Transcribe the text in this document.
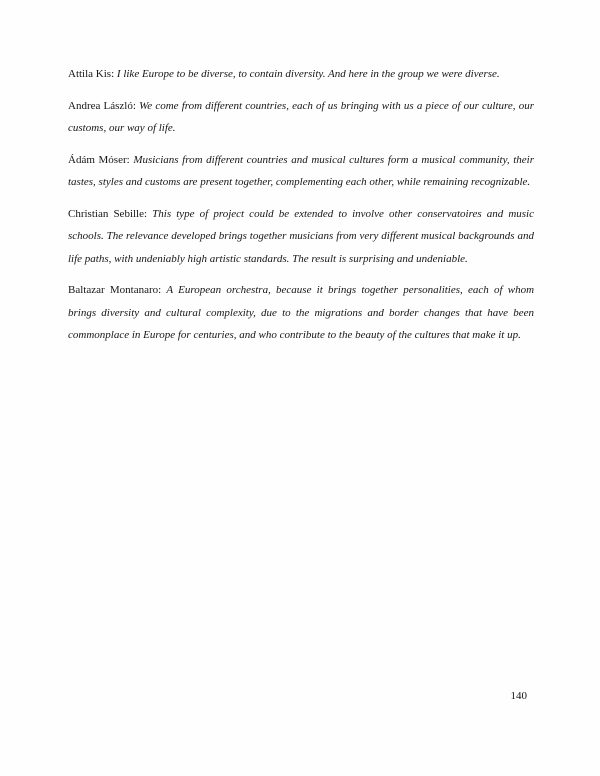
Attila Kis: I like Europe to be diverse, to contain diversity. And here in the group we were diverse.

Andrea László: We come from different countries, each of us bringing with us a piece of our culture, our customs, our way of life.

Ádám Móser: Musicians from different countries and musical cultures form a musical community, their tastes, styles and customs are present together, complementing each other, while remaining recognizable.

Christian Sebille: This type of project could be extended to involve other conservatoires and music schools. The relevance developed brings together musicians from very different musical backgrounds and life paths, with undeniably high artistic standards. The result is surprising and undeniable.

Baltazar Montanaro: A European orchestra, because it brings together personalities, each of whom brings diversity and cultural complexity, due to the migrations and border changes that have been commonplace in Europe for centuries, and who contribute to the beauty of the cultures that make it up.

140
